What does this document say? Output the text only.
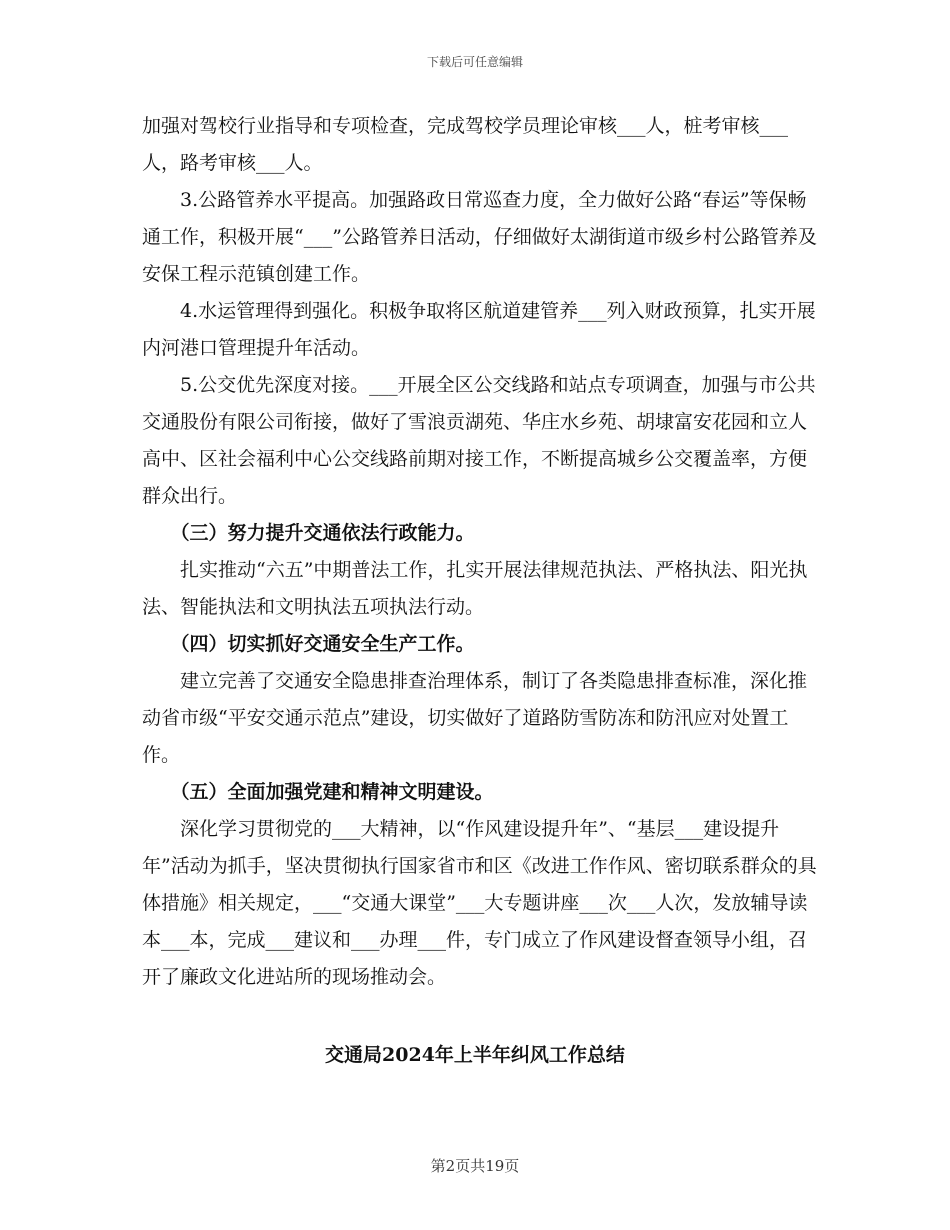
下载后可任意编辑

加强对驾校行业指导和专项检查，完成驾校学员理论审核___人，桩考审核___人，路考审核___人。

3.公路管养水平提高。加强路政日常巡查力度，全力做好公路“春运”等保畅通工作，积极开展“___”公路管养日活动，仔细做好太湖街道市级乡村公路管养及安保工程示范镇创建工作。

4.水运管理得到强化。积极争取将区航道建管养___列入财政预算，扎实开展内河港口管理提升年活动。

5.公交优先深度对接。___开展全区公交线路和站点专项调查，加强与市公共交通股份有限公司衔接，做好了雪浪贡湖苑、华庄水乡苑、胡埭富安花园和立人高中、区社会福利中心公交线路前期对接工作，不断提高城乡公交覆盖率，方便群众出行。

（三）努力提升交通依法行政能力。

扎实推动“六五”中期普法工作，扎实开展法律规范执法、严格执法、阳光执法、智能执法和文明执法五项执法行动。

（四）切实抓好交通安全生产工作。

建立完善了交通安全隐患排查治理体系，制订了各类隐患排查标准，深化推动省市级“平安交通示范点”建设，切实做好了道路防雪防冻和防汛应对处置工作。

（五）全面加强党建和精神文明建设。

深化学习贯彻党的___大精神，以“作风建设提升年”、“基层___建设提升年”活动为抓手，坚决贯彻执行国家省市和区《改进工作作风、密切联系群众的具体措施》相关规定，___“交通大课堂”___大专题讲座___次___人次，发放辅导读本___本，完成___建议和___办理___件，专门成立了作风建设督查领导小组，召开了廉政文化进站所的现场推动会。

交通局2024年上半年纠风工作总结
第2页共19页
